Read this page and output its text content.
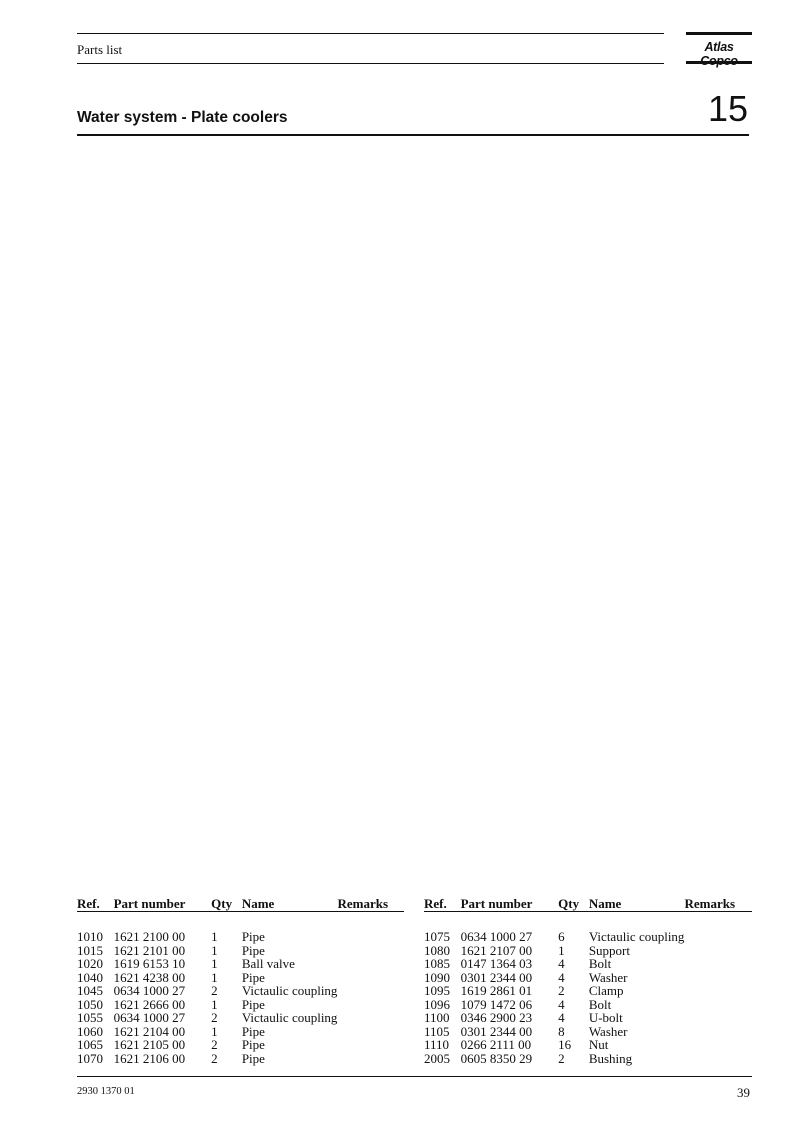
Parts list	Atlas
Water system - Plate coolers	15
Ref.	Part number	Qty	Name	Remarks

1010	1621 2100 00	1	Pipe	
1015	1621 2101 00	1	Pipe	
1020	1619 6153 10	1	Ball valve	
1040	1621 4238 00	1	Pipe	
1045	0634 1000 27	2	Victaulic coupling	
1050	1621 2666 00	1	Pipe	
1055	0634 1000 27	2	Victaulic coupling	
1060	1621 2104 00	1	Pipe	
1065	1621 2105 00	2	Pipe	
1070	1621 2106 00	2	Pipe	
Ref.	Part number	Qty	Name	Remarks

1075	0634 1000 27	6	Victaulic coupling	
1080	1621 2107 00	1	Support	
1085	0147 1364 03	4	Bolt	
1090	0301 2344 00	4	Washer	
1095	1619 2861 01	2	Clamp	
1096	1079 1472 06	4	Bolt	
1100	0346 2900 23	4	U-bolt	
1105	0301 2344 00	8	Washer	
1110	0266 2111 00	16	Nut	
2005	0605 8350 29	2	Bushing	
2930 1370 01	39
